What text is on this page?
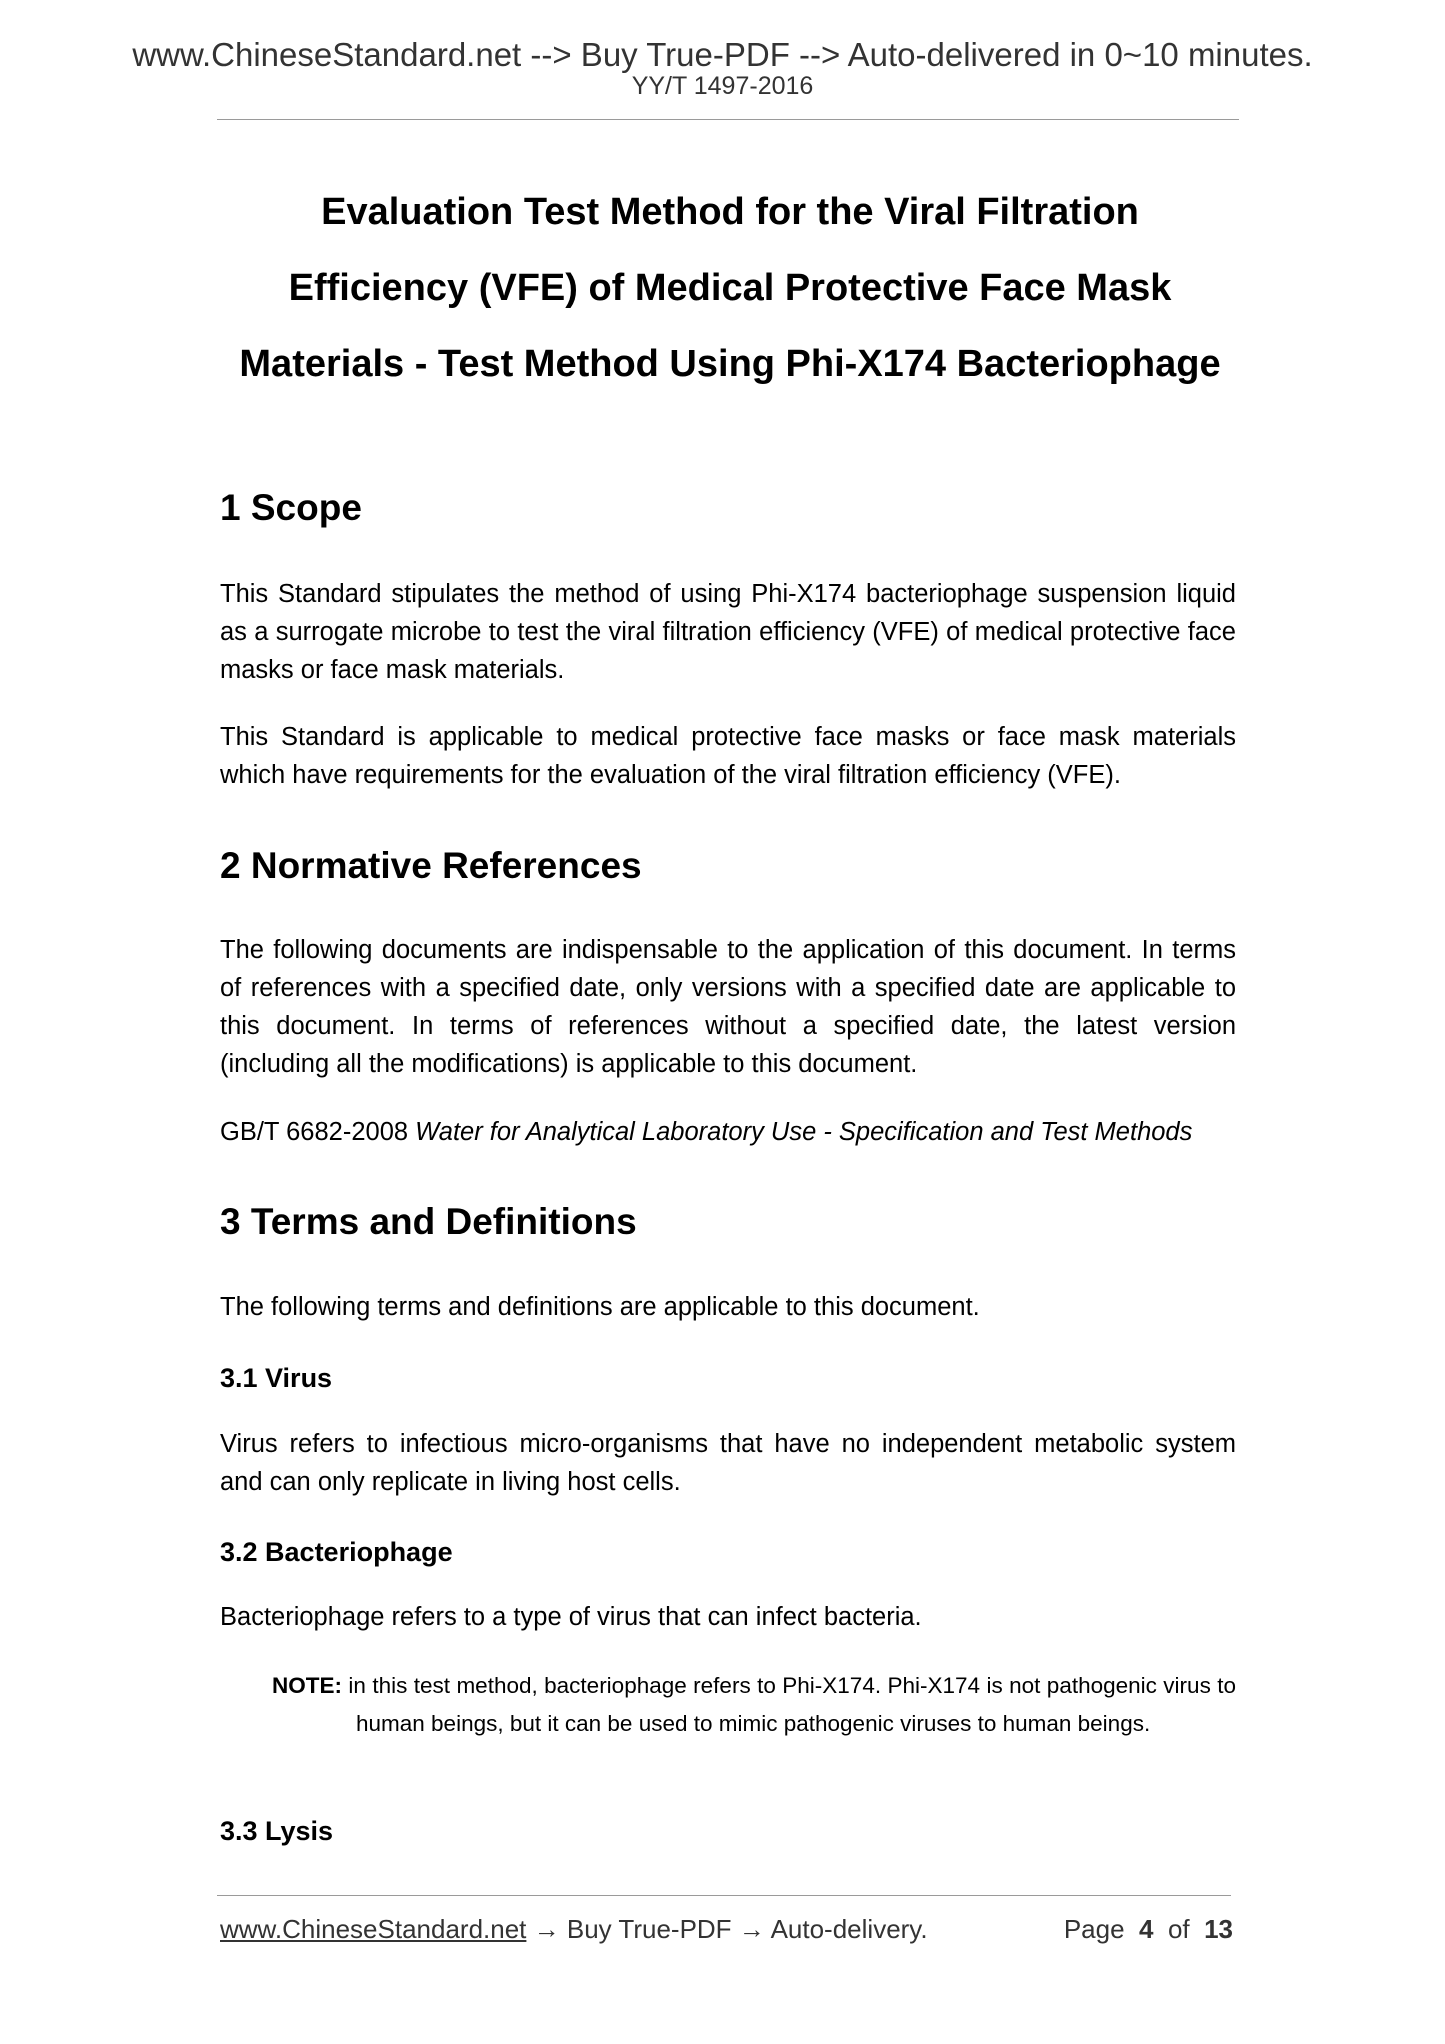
www.ChineseStandard.net --> Buy True-PDF --> Auto-delivered in 0~10 minutes.
YY/T 1497-2016
Evaluation Test Method for the Viral Filtration
Efficiency (VFE) of Medical Protective Face Mask
Materials - Test Method Using Phi-X174 Bacteriophage
1 Scope

This Standard stipulates the method of using Phi-X174 bacteriophage suspension liquid as a surrogate microbe to test the viral filtration efficiency (VFE) of medical protective face masks or face mask materials.

This Standard is applicable to medical protective face masks or face mask materials which have requirements for the evaluation of the viral filtration efficiency (VFE).

2 Normative References

The following documents are indispensable to the application of this document. In terms of references with a specified date, only versions with a specified date are applicable to this document. In terms of references without a specified date, the latest version (including all the modifications) is applicable to this document.

GB/T 6682-2008 Water for Analytical Laboratory Use - Specification and Test Methods

3 Terms and Definitions

The following terms and definitions are applicable to this document.

3.1 Virus

Virus refers to infectious micro-organisms that have no independent metabolic system and can only replicate in living host cells.

3.2 Bacteriophage

Bacteriophage refers to a type of virus that can infect bacteria.

NOTE: in this test method, bacteriophage refers to Phi-X174. Phi-X174 is not pathogenic virus to human beings, but it can be used to mimic pathogenic viruses to human beings.

3.3 Lysis
www.ChineseStandard.net → Buy True-PDF → Auto-delivery.	Page 4 of 13
